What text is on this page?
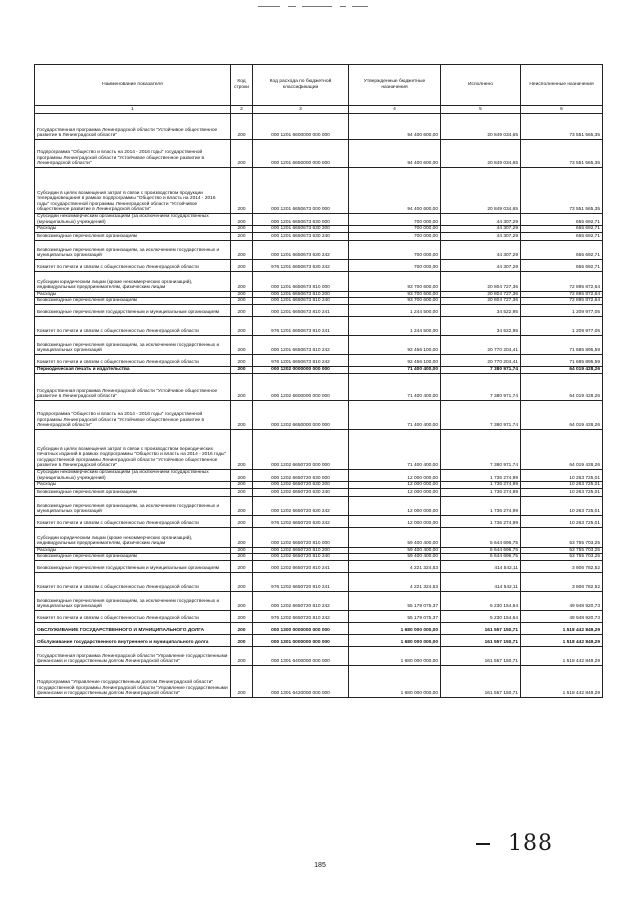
Наименование показателя	Код строки	Код расхода по бюджетной классификации	Утвержденные бюджетные назначения	Исполнено	Неисполненные назначения
1	2	3	4	5	6
Государственная программа Ленинградской области "Устойчивое общественное развитие в Ленинградской области"	200	000 1201 6600000 000 000	94 400 600,00	20 849 034,65	73 551 565,35
Подпрограмма "Общество и власть на 2014 - 2016 годы" государственной программы Ленинградской области "Устойчивое общественное развитие в Ленинградской области"	200	000 1201 6650000 000 000	94 400 600,00	20 849 034,65	73 551 565,35
Субсидии в целях возмещения затрат в связи с производством продукции телерадиовещания в рамках подпрограммы "Общество и власть на 2014 - 2016 годы" государственной программы Ленинградской области "Устойчивое общественное развитие в Ленинградской области"	200	000 1201 6650673 000 000	94 400 600,00	20 849 034,65	73 551 565,35
Субсидии некоммерческим организациям (за исключением государственных (муниципальных) учреждений)	200	000 1201 6650673 630 000	700 000,00	44 307,29	655 692,71
Расходы	200	000 1201 6650673 630 200	700 000,00	44 307,29	655 692,71
Безвозмездные перечисления организациям	200	000 1201 6650673 630 240	700 000,00	44 307,29	655 692,71
Безвозмездные перечисления организациям, за исключением государственных и муниципальных организаций	200	000 1201 6650673 630 242	700 000,00	44 307,29	655 692,71
Комитет по печати и связям с общественностью Ленинградской области	200	976 1201 6650673 630 242	700 000,00	44 307,29	655 692,71
Субсидии юридическим лицам (кроме некоммерческих организаций), индивидуальным предпринимателям, физическим лицам	200	000 1201 6650673 810 000	93 700 600,00	20 804 727,36	72 895 872,64
Расходы	200	000 1201 6650673 810 200	93 700 600,00	20 804 727,36	72 895 872,64
Безвозмездные перечисления организациям	200	000 1201 6650673 810 240	93 700 600,00	20 804 727,36	72 895 872,64
Безвозмездные перечисления государственным и муниципальным организациям	200	000 1201 6650673 810 241	1 244 500,00	34 522,95	1 209 977,05
Комитет по печати и связям с общественностью Ленинградской области	200	976 1201 6650673 810 241	1 244 500,00	34 522,95	1 209 977,05
Безвозмездные перечисления организациям, за исключением государственных и муниципальных организаций	200	000 1201 6650673 810 242	92 456 100,00	20 770 204,41	71 685 895,59
Комитет по печати и связям с общественностью Ленинградской области	200	976 1201 6650673 810 242	92 456 100,00	20 770 204,41	71 685 895,59
Периодическая печать и издательства	200	000 1202 0000000 000 000	71 400 400,00	7 380 971,74	64 019 428,26
Государственная программа Ленинградской области "Устойчивое общественное развитие в Ленинградской области"	200	000 1202 6600000 000 000	71 400 400,00	7 380 971,74	64 019 428,26
Подпрограмма "Общество и власть на 2014 - 2016 годы" государственной программы Ленинградской области "Устойчивое общественное развитие в Ленинградской области"	200	000 1202 6650000 000 000	71 400 400,00	7 380 971,74	64 019 428,26
Субсидии в целях возмещения затрат в связи с производством периодических печатных изданий в рамках подпрограммы "Общество и власть на 2014 - 2016 годы" государственной программы Ленинградской области "Устойчивое общественное развитие в Ленинградской области"	200	000 1202 6650720 000 000	71 400 400,00	7 380 971,74	64 019 428,26
Субсидии некоммерческим организациям (за исключением государственных (муниципальных) учреждений)	200	000 1202 6650720 630 000	12 000 000,00	1 736 274,99	10 263 725,01
Расходы	200	000 1202 6650720 630 200	12 000 000,00	1 736 274,99	10 263 725,01
Безвозмездные перечисления организациям	200	000 1202 6650720 630 240	12 000 000,00	1 736 274,99	10 263 725,01
Безвозмездные перечисления организациям, за исключением государственных и муниципальных организаций	200	000 1202 6650720 630 242	12 000 000,00	1 736 274,99	10 263 725,01
Комитет по печати и связям с общественностью Ленинградской области	200	976 1202 6650720 630 242	12 000 000,00	1 736 274,99	10 263 725,01
Субсидии юридическим лицам (кроме некоммерческих организаций), индивидуальным предпринимателям, физическим лицам	200	000 1202 6650720 810 000	59 400 400,00	5 644 696,75	53 755 703,25
Расходы	200	000 1202 6650720 810 200	59 400 400,00	5 644 696,75	53 755 703,25
Безвозмездные перечисления организациям	200	000 1202 6650720 810 240	59 400 400,00	5 644 696,75	53 755 703,25
Безвозмездные перечисления государственным и муниципальным организациям	200	000 1202 6650720 810 241	4 221 324,53	414 542,11	3 806 782,52
Комитет по печати и связям с общественностью Ленинградской области	200	976 1202 6650720 810 241	4 221 324,53	414 542,11	3 806 782,52
Безвозмездные перечисления организациям, за исключением государственных и муниципальных организаций	200	000 1202 6650720 810 242	55 179 075,37	5 230 154,64	49 948 920,73
Комитет по печати и связям с общественностью Ленинградской области	200	976 1202 6650720 810 242	55 179 075,37	5 230 154,64	49 948 920,73
ОБСЛУЖИВАНИЕ ГОСУДАРСТВЕННОГО И МУНИЦИПАЛЬНОГО ДОЛГА	200	000 1300 0000000 000 000	1 680 000 000,00	161 557 150,71	1 518 442 849,29
Обслуживание государственного внутреннего и муниципального долга	200	000 1301 0000000 000 000	1 680 000 000,00	161 557 150,71	1 518 442 849,29
Государственная программа Ленинградской области "Управление государственными финансами и государственным долгом Ленинградской области"	200	000 1301 6400000 000 000	1 680 000 000,00	161 557 150,71	1 518 442 849,29
Подпрограмма "Управление государственным долгом Ленинградской области" государственной программы Ленинградской области "Управление государственными финансами и государственным долгом Ленинградской области"	200	000 1301 6420000 000 000	1 680 000 000,00	161 557 150,71	1 518 442 849,29
185
188
